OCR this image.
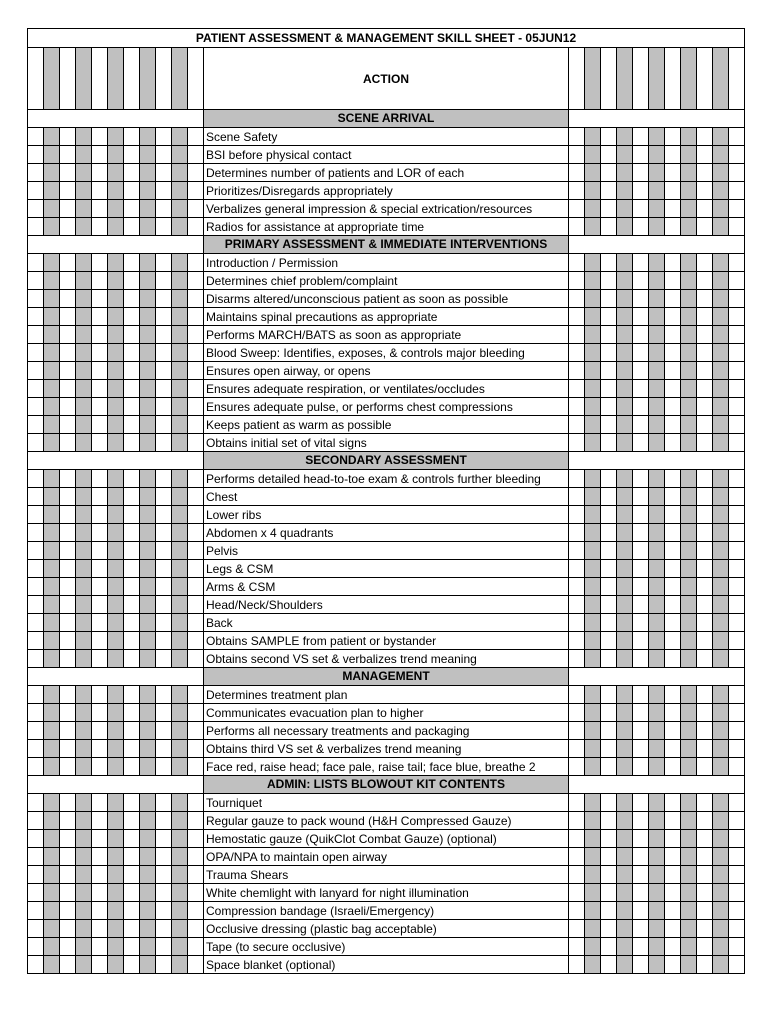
PATIENT ASSESSMENT & MANAGEMENT SKILL SHEET - 05JUN12																						
											ACTION											
											SCENE ARRIVAL											
											Scene Safety											
											BSI before physical contact											
											Determines number of patients and LOR of each											
											Prioritizes/Disregards appropriately											
											Verbalizes general impression & special extrication/resources											
											Radios for assistance at appropriate time											
											PRIMARY ASSESSMENT & IMMEDIATE INTERVENTIONS											
											Introduction / Permission											
											Determines chief problem/complaint											
											Disarms altered/unconscious patient as soon as possible											
											Maintains spinal precautions as appropriate											
											Performs MARCH/BATS as soon as appropriate											
											Blood Sweep: Identifies, exposes, & controls major bleeding											
											Ensures open airway, or opens											
											Ensures adequate respiration, or ventilates/occludes											
											Ensures adequate pulse, or performs chest compressions											
											Keeps patient as warm as possible											
											Obtains initial set of vital signs											
											SECONDARY ASSESSMENT											
											Performs detailed head-to-toe exam & controls further bleeding											
											Chest											
											Lower ribs											
											Abdomen x 4 quadrants											
											Pelvis											
											Legs & CSM											
											Arms & CSM											
											Head/Neck/Shoulders											
											Back											
											Obtains SAMPLE from patient or bystander											
											Obtains second VS set & verbalizes trend meaning											
											MANAGEMENT											
											Determines treatment plan											
											Communicates evacuation plan to higher											
											Performs all necessary treatments and packaging											
											Obtains third VS set & verbalizes trend meaning											
											Face red, raise head; face pale, raise tail; face blue, breathe 2											
											ADMIN: LISTS BLOWOUT KIT CONTENTS											
											Tourniquet											
											Regular gauze to pack wound (H&H Compressed Gauze)											
											Hemostatic gauze (QuikClot Combat Gauze) (optional)											
											OPA/NPA to maintain open airway											
											Trauma Shears											
											White chemlight with lanyard for night illumination											
											Compression bandage (Israeli/Emergency)											
											Occlusive dressing (plastic bag acceptable)											
											Tape (to secure occlusive)											
											Space blanket (optional)											
